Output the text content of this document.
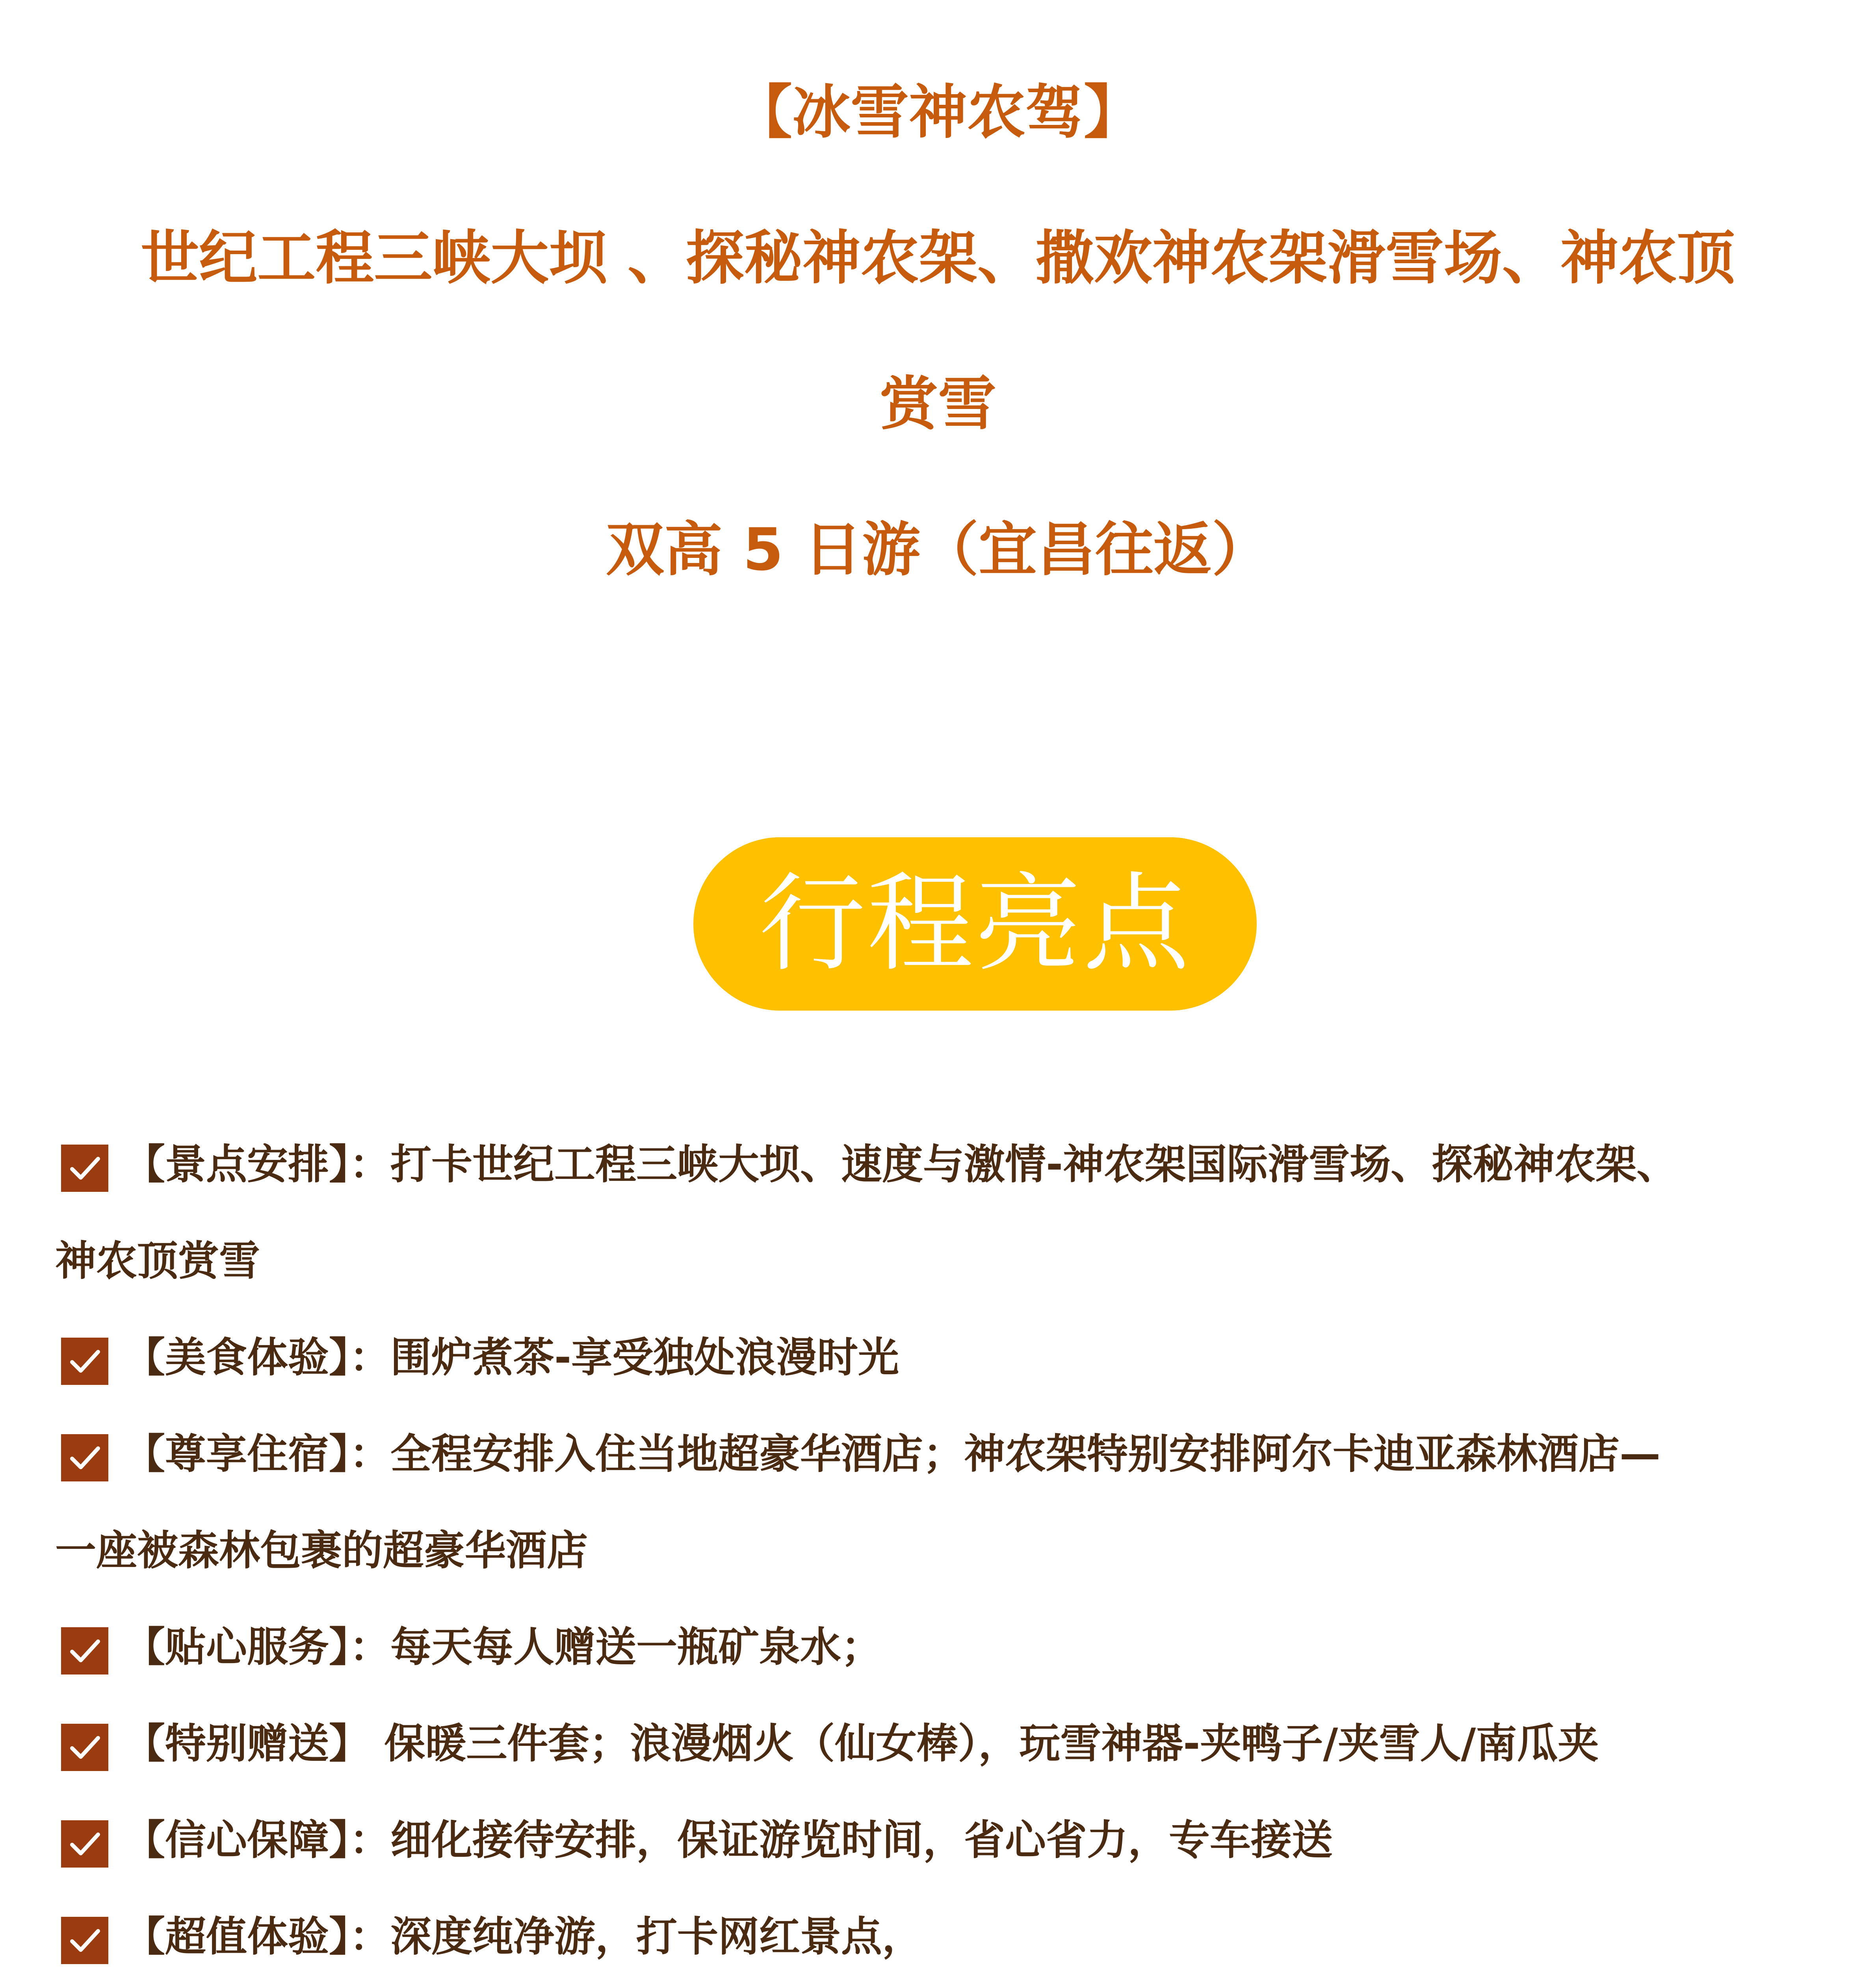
【冰雪神农驾】
世纪工程三峡大坝 、探秘神农架、撒欢神农架滑雪场、神农顶
赏雪
双高 5 日游（宜昌往返）
行程亮点
【景点安排】：打卡世纪工程三峡大坝、速度与激情-神农架国际滑雪场、探秘神农架、
神农顶赏雪
【美食体验】：围炉煮茶-享受独处浪漫时光
【尊享住宿】：全程安排入住当地超豪华酒店；神农架特别安排阿尔卡迪亚森林酒店—
一座被森林包裹的超豪华酒店
【贴心服务】：每天每人赠送一瓶矿泉水；
【特别赠送】 保暖三件套；浪漫烟火（仙女棒），玩雪神器-夹鸭子/夹雪人/南瓜夹
【信心保障】：细化接待安排，保证游览时间，省心省力，专车接送
【超值体验】：深度纯净游，打卡网红景点，
